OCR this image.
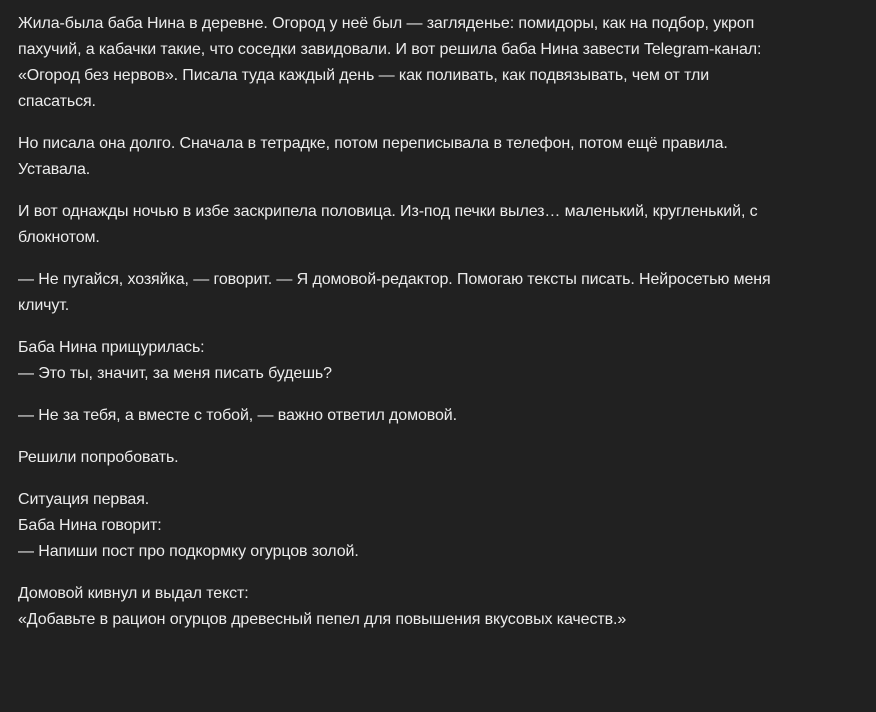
Жила-была баба Нина в деревне. Огород у неё был — загляденье: помидоры, как на подбор, укроп
пахучий, а кабачки такие, что соседки завидовали. И вот решила баба Нина завести Telegram-канал:
«Огород без нервов». Писала туда каждый день — как поливать, как подвязывать, чем от тли
спасаться.

Но писала она долго. Сначала в тетрадке, потом переписывала в телефон, потом ещё правила.
Уставала.

И вот однажды ночью в избе заскрипела половица. Из-под печки вылез… маленький, кругленький, с
блокнотом.

— Не пугайся, хозяйка, — говорит. — Я домовой-редактор. Помогаю тексты писать. Нейросетью меня
кличут.

Баба Нина прищурилась:
— Это ты, значит, за меня писать будешь?

— Не за тебя, а вместе с тобой, — важно ответил домовой.

Решили попробовать.

Ситуация первая.
Баба Нина говорит:
— Напиши пост про подкормку огурцов золой.

Домовой кивнул и выдал текст:
«Добавьте в рацион огурцов древесный пепел для повышения вкусовых качеств.»
